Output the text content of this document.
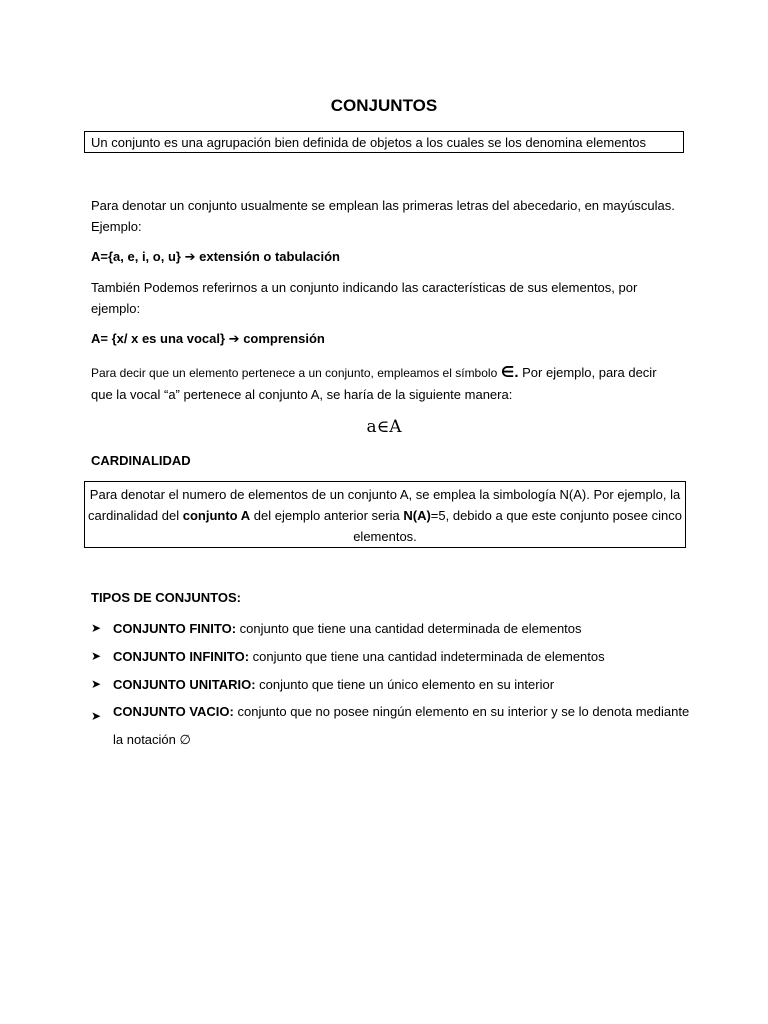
CONJUNTOS
Un conjunto es una agrupación bien definida de objetos a los cuales se los denomina elementos
Para denotar un conjunto usualmente se emplean las primeras letras del abecedario, en mayúsculas. Ejemplo:
A={a, e, i, o, u} ➔ extensión o tabulación
También Podemos referirnos a un conjunto indicando las características de sus elementos, por ejemplo:
A= {x/ x es una vocal} ➔ comprensión
Para decir que un elemento pertenece a un conjunto, empleamos el símbolo ∈. Por ejemplo, para decir que la vocal “a” pertenece al conjunto A, se haría de la siguiente manera:
a∈A
CARDINALIDAD
Para denotar el numero de elementos de un conjunto A, se emplea la simbología N(A). Por ejemplo, la cardinalidad del conjunto A del ejemplo anterior seria N(A)=5, debido a que este conjunto posee cinco elementos.
TIPOS DE CONJUNTOS:
➤ CONJUNTO FINITO: conjunto que tiene una cantidad determinada de elementos
➤ CONJUNTO INFINITO: conjunto que tiene una cantidad indeterminada de elementos
➤ CONJUNTO UNITARIO: conjunto que tiene un único elemento en su interior
➤ CONJUNTO VACIO: conjunto que no posee ningún elemento en su interior y se lo denota mediante la notación ∅
